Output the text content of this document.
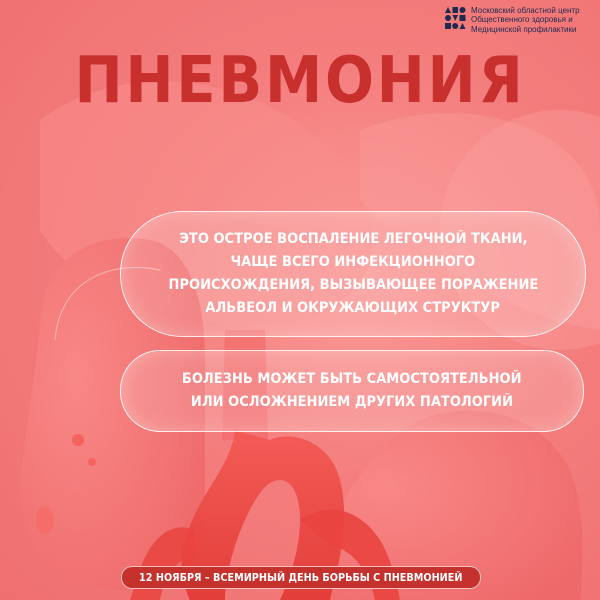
Московский областной центр
Общественного здоровья и
Медицинской профилактики
ПНЕВМОНИЯ
ЭТО ОСТРОЕ ВОСПАЛЕНИЕ ЛЕГОЧНОЙ ТКАНИ,
ЧАЩЕ ВСЕГО ИНФЕКЦИОННОГО
ПРОИСХОЖДЕНИЯ, ВЫЗЫВАЮЩЕЕ ПОРАЖЕНИЕ
АЛЬВЕОЛ И ОКРУЖАЮЩИХ СТРУКТУР
БОЛЕЗНЬ МОЖЕТ БЫТЬ САМОСТОЯТЕЛЬНОЙ
ИЛИ ОСЛОЖНЕНИЕМ ДРУГИХ ПАТОЛОГИЙ
12 НОЯБРЯ – ВСЕМИРНЫЙ ДЕНЬ БОРЬБЫ С ПНЕВМОНИЕЙ
